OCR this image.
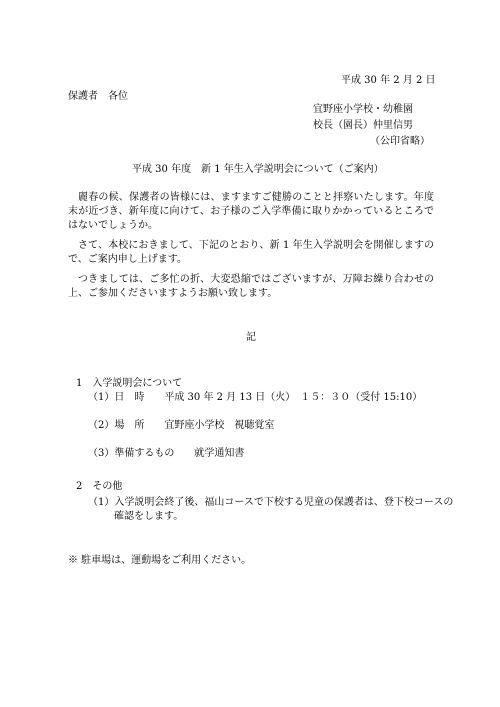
平成 30 年 2 月 2 日
保護者　各位
宜野座小学校・幼稚園
校長（園長）仲里信男
（公印省略）
平成 30 年度　新 1 年生入学説明会について（ご案内）
麗春の候、保護者の皆様には、ますますご健勝のことと拝察いたします。年度末が近づき、新年度に向けて、お子様のご入学準備に取りかかっているところではないでしょうか。
さて、本校におきまして、下記のとおり、新 1 年生入学説明会を開催しますので、ご案内申し上げます。
つきましては、ご多忙の折、大変恐縮ではございますが、万障お繰り合わせの上、ご参加くださいますようお願い致します。
記
1　入学説明会について
（1）日　時　　平成 30 年 2 月 13 日（火）　１５：３０（受付 15:10）
（2）場　所　　宜野座小学校　視聴覚室
（3）準備するもの　　就学通知書
2　その他
（1）入学説明会終了後、福山コースで下校する児童の保護者は、登下校コースの確認をします。
※ 駐車場は、運動場をご利用ください。
